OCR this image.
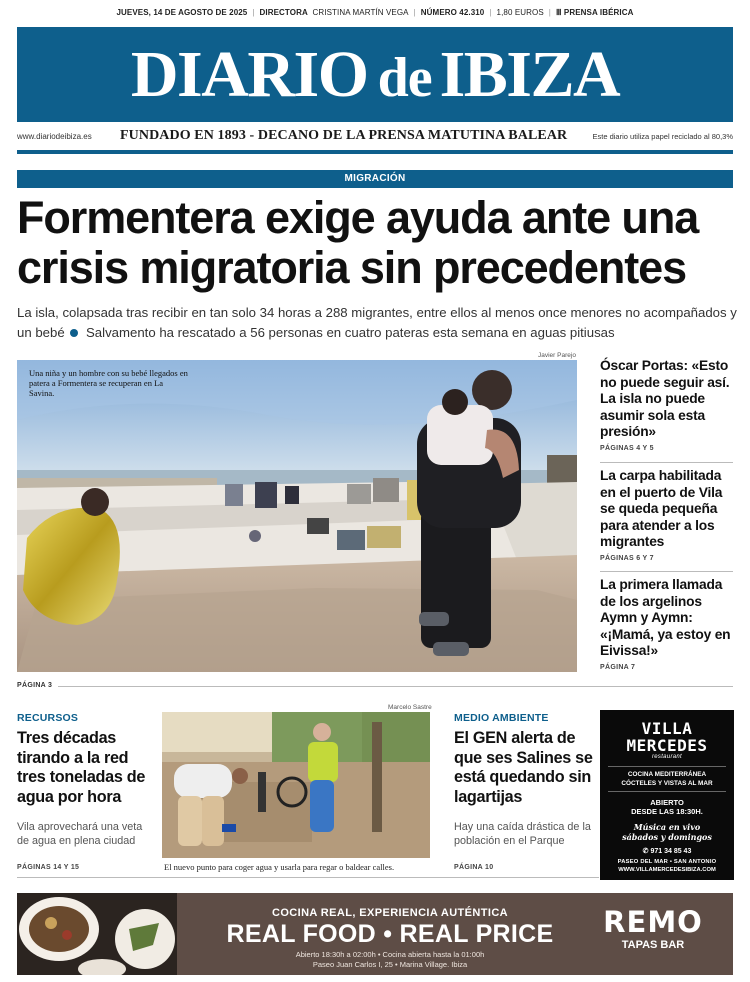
JUEVES, 14 DE AGOSTO DE 2025 | DIRECTORA CRISTINA MARTÍN VEGA | NÚMERO 42.310 | 1,80 EUROS | Ⅲ PRENSA IBÉRICA
DIARIO de IBIZA
www.diariodeibiza.es FUNDADO EN 1893 - DECANO DE LA PRENSA MATUTINA BALEAR	Este diario utiliza papel reciclado al 80,3%
MIGRACIÓN
Formentera exige ayuda ante una
crisis migratoria sin precedentes
La isla, colapsada tras recibir en tan solo 34 horas a 288 migrantes, entre ellos al menos once menores no acompañados y un bebé Salvamento ha rescatado a 56 personas en cuatro pateras esta semana en aguas pitiusas
Javier Parejo
Una niña y un hombre con su bebé llegados en patera a Formentera se recuperan en La Savina.
PÁGINA 3
Óscar Portas: «Esto no puede seguir así. La isla no puede asumir sola esta presión»
PÁGINAS 4 Y 5
La carpa habilitada en el puerto de Vila se queda pequeña para atender a los migrantes
PÁGINAS 6 Y 7
La primera llamada de los argelinos Aymn y Aymn: «¡Mamá, ya estoy en Eivissa!»
PÁGINA 7
RECURSOS
Tres décadas tirando a la red tres toneladas de agua por hora
Vila aprovechará una veta de agua en plena ciudad
PÁGINAS 14 Y 15
Marcelo Sastre
El nuevo punto para coger agua y usarla para regar o baldear calles.
MEDIO AMBIENTE
El GEN alerta de que ses Salines se está quedando sin lagartijas
Hay una caída drástica de la población en el Parque
PÁGINA 10
VILLA
MERCEDES
restaurant
COCINA MEDITERRÁNEA
CÓCTELES Y VISTAS AL MAR
ABIERTO
DESDE LAS 18:30H.
Música en vivo
sábados y domingos
✆ 971 34 85 43
PASEO DEL MAR • SAN ANTONIO
WWW.VILLAMERCEDESIBIZA.COM
COCINA REAL, EXPERIENCIA AUTÉNTICA
REAL FOOD • REAL PRICE
Abierto 18:30h a 02:00h • Cocina abierta hasta la 01:00h
Paseo Juan Carlos I, 25 • Marina Village. Ibiza
REMO
TAPAS BAR
